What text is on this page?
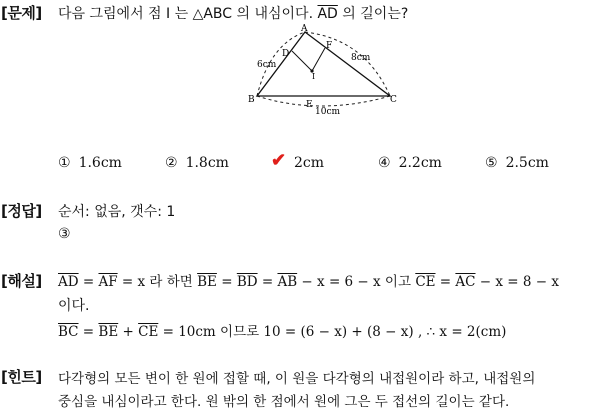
[문제] 다음 그림에서 점 I 는 △ABC 의 내심이다. $\overline{AD}$ 의 길이는?
A
B	C
D
E
F
I
6cm
8cm
10cm
① 1.6cm	② 1.8cm ✔ 2cm	④ 2.2cm	⑤ 2.5cm
[정답] 순서: 없음, 갯수: 1
③
[해설] $\overline{AD} = \overline{AF} = x$ 라 하면 $\overline{BE} = \overline{BD} = \overline{AB} - x = 6 - x$ 이고 $\overline{CE} = \overline{AC} - x = 8 - x$
이다.
$\overline{BC} = \overline{BE} + \overline{CE} = 10cm$ 이므로 10 = (6 − x) + (8 − x) , ∴ x = 2(cm)
[힌트] 다각형의 모든 변이 한 원에 접할 때, 이 원을 다각형의 내접원이라 하고, 내접원의
중심을 내심이라고 한다. 원 밖의 한 점에서 원에 그은 두 접선의 길이는 같다.
